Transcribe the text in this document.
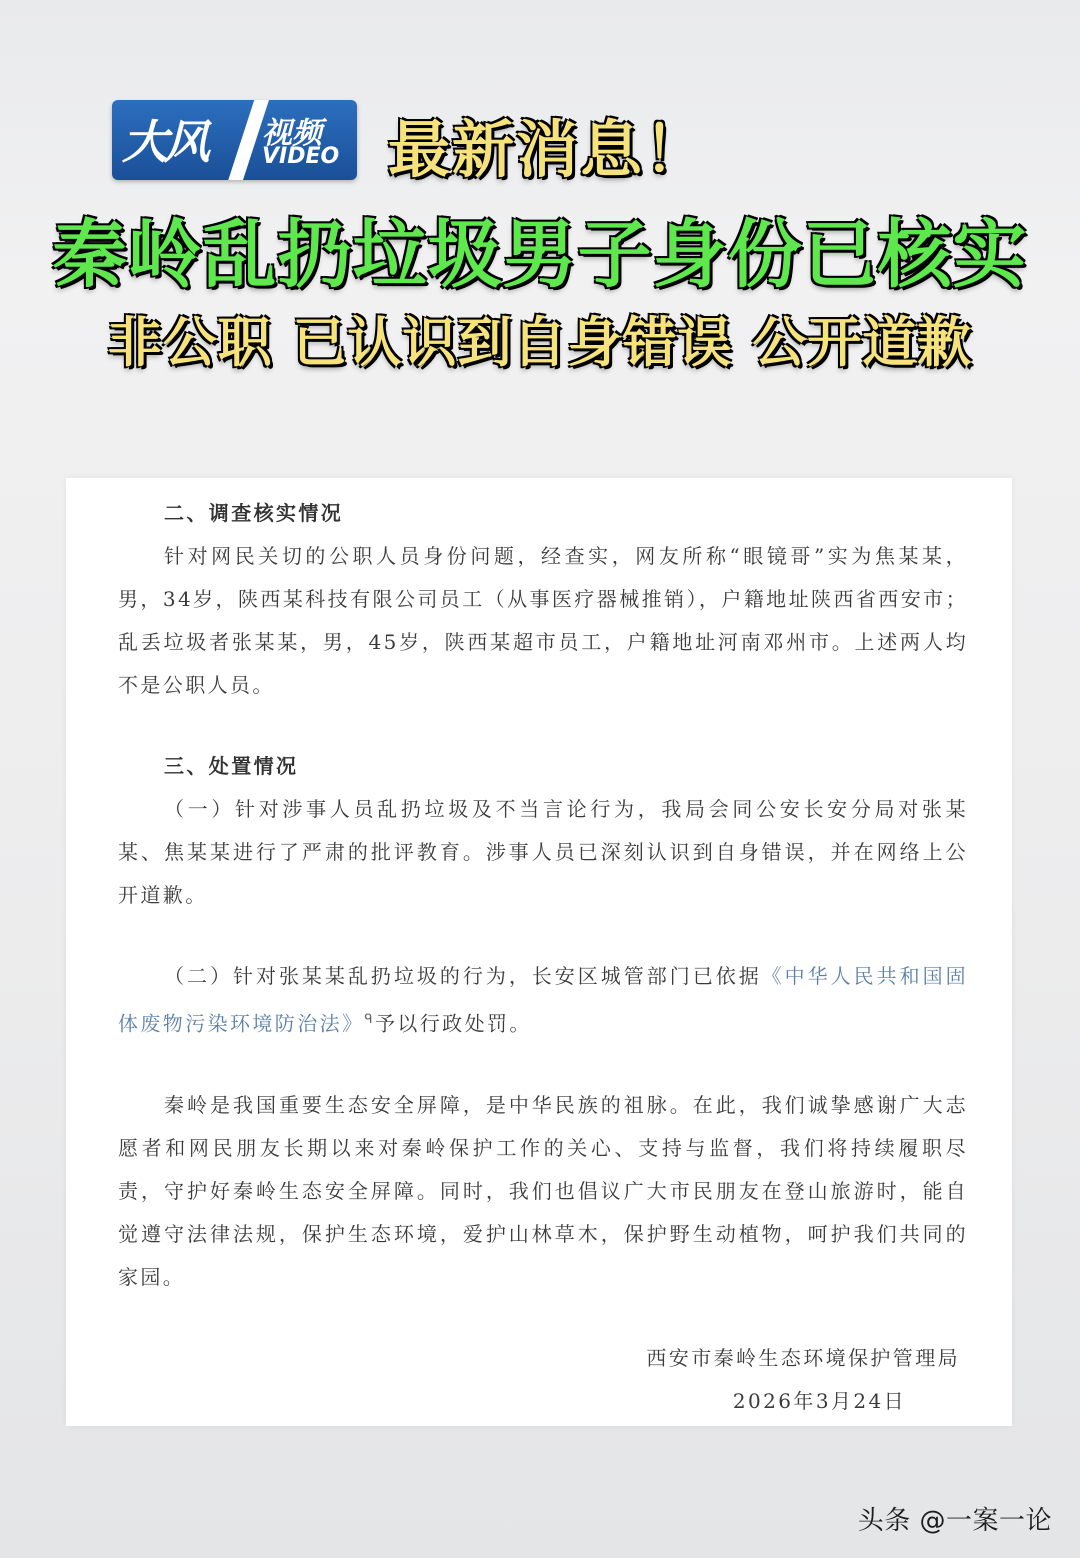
大风 视频
VIDEO 最新消息！
秦岭乱扔垃圾男子身份已核实
非公职 已认识到自身错误 公开道歉

二、调查核实情况

针对网民关切的公职人员身份问题，经查实，网友所称“眼镜哥”实为焦某某，男，34岁，陕西某科技有限公司员工（从事医疗器械推销），户籍地址陕西省西安市；乱丢垃圾者张某某，男，45岁，陕西某超市员工，户籍地址河南邓州市。上述两人均不是公职人员。

三、处置情况

（一）针对涉事人员乱扔垃圾及不当言论行为，我局会同公安长安分局对张某某、焦某某进行了严肃的批评教育。涉事人员已深刻认识到自身错误，并在网络上公开道歉。

（二）针对张某某乱扔垃圾的行为，长安区城管部门已依据《中华人民共和国固体废物污染环境防治法》$^ᑫ$予以行政处罚。

秦岭是我国重要生态安全屏障，是中华民族的祖脉。在此，我们诚挚感谢广大志愿者和网民朋友长期以来对秦岭保护工作的关心、支持与监督，我们将持续履职尽责，守护好秦岭生态安全屏障。同时，我们也倡议广大市民朋友在登山旅游时，能自觉遵守法律法规，保护生态环境，爱护山林草木，保护野生动植物，呵护我们共同的家园。

西安市秦岭生态环境保护管理局

2026年3月24日

头条 @一案一论
